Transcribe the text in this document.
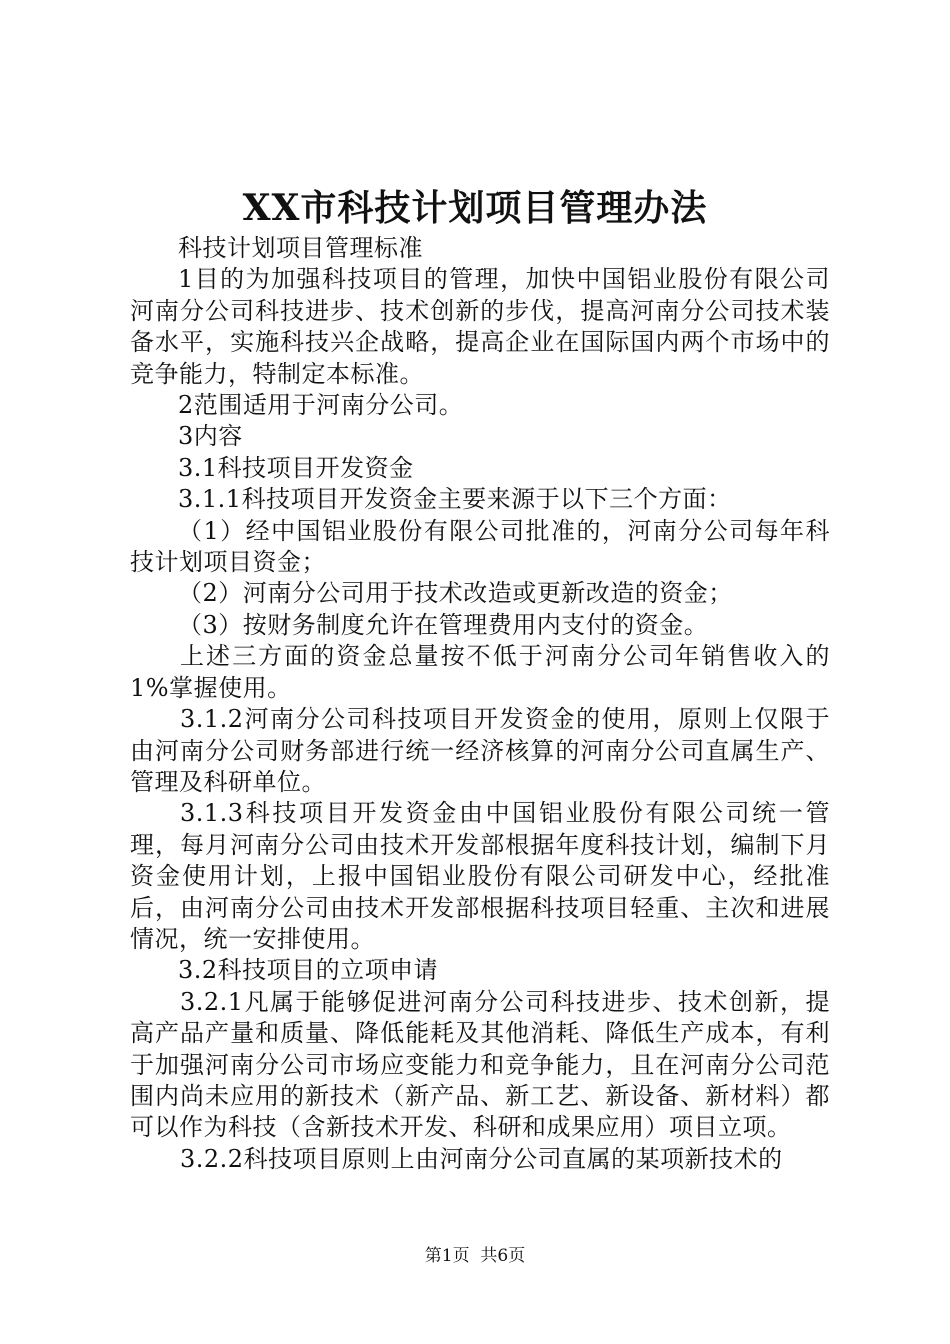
XX市科技计划项目管理办法

科技计划项目管理标准

1目的为加强科技项目的管理，加快中国铝业股份有限公司河南分公司科技进步、技术创新的步伐，提高河南分公司技术装备水平，实施科技兴企战略，提高企业在国际国内两个市场中的竞争能力，特制定本标准。

2范围适用于河南分公司。

3内容

3.1科技项目开发资金

3.1.1科技项目开发资金主要来源于以下三个方面：

（1）经中国铝业股份有限公司批准的，河南分公司每年科技计划项目资金；

（2）河南分公司用于技术改造或更新改造的资金；

（3）按财务制度允许在管理费用内支付的资金。

上述三方面的资金总量按不低于河南分公司年销售收入的1%掌握使用。

3.1.2河南分公司科技项目开发资金的使用，原则上仅限于由河南分公司财务部进行统一经济核算的河南分公司直属生产、管理及科研单位。

3.1.3科技项目开发资金由中国铝业股份有限公司统一管理，每月河南分公司由技术开发部根据年度科技计划，编制下月资金使用计划，上报中国铝业股份有限公司研发中心，经批准后，由河南分公司由技术开发部根据科技项目轻重、主次和进展情况，统一安排使用。

3.2科技项目的立项申请

3.2.1凡属于能够促进河南分公司科技进步、技术创新，提高产品产量和质量、降低能耗及其他消耗、降低生产成本，有利于加强河南分公司市场应变能力和竞争能力，且在河南分公司范围内尚未应用的新技术（新产品、新工艺、新设备、新材料）都可以作为科技（含新技术开发、科研和成果应用）项目立项。

3.2.2科技项目原则上由河南分公司直属的某项新技术的

第1页  共6页
